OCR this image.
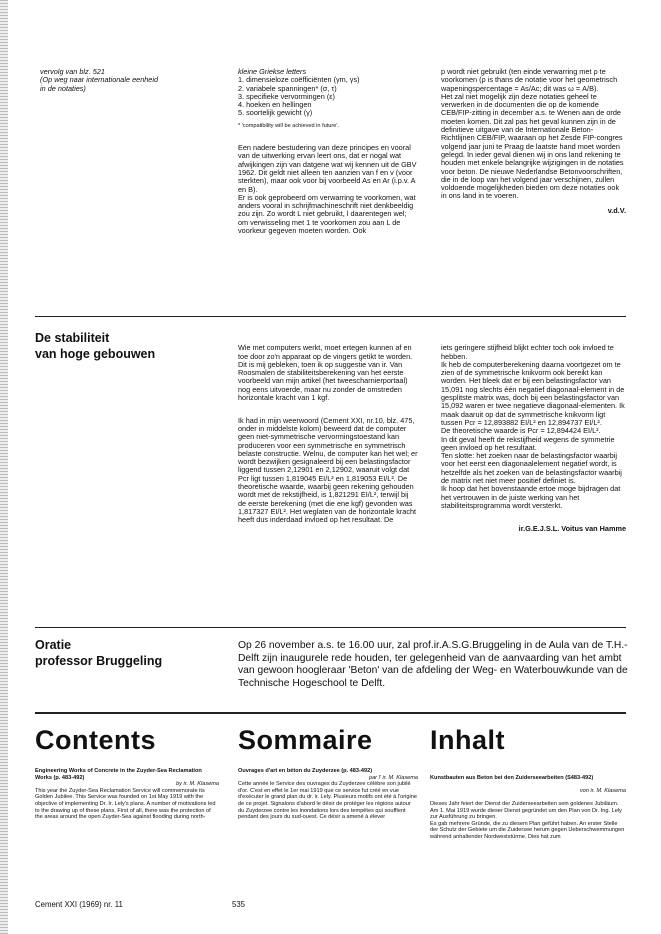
vervolg van blz. 521
(Op weg naar internationale eenheid
in de notaties)
kleine Griekse letters
1. dimensieloze coëfficiënten (γm, γs)
2. variabele spanningen* (σ, τ)
3. specifieke vervormingen (ε)
4. hoeken en hellingen
5. soortelijk gewicht (γ)
* 'compatibility will be achieved in future'.

Een nadere bestudering van deze principes en vooral van de uitwerking ervan leert ons, dat er nogal wat afwijkingen zijn van datgene wat wij kennen uit de GBV 1962. Dit geldt niet alleen ten aanzien van f en v (voor sterkten), maar ook voor bij voorbeeld As en Ar (i.p.v. A en B).

Er is ook geprobeerd om verwarring te voorkomen, wat anders vooral in schrijfmachineschrift niet denkbeeldig zou zijn. Zo wordt L niet gebruikt, l daarentegen wel; om verwisseling met 1 te voorkomen zou aan L de voorkeur gegeven moeten worden. Ook

p wordt niet gebruikt (ten einde verwarring met ρ te voorkomen (ρ is thans de notatie voor het geometrisch wapeningspercentage = As/Ac; dit was ω = A/B).

Het zal niet mogelijk zijn deze notaties geheel te verwerken in de documenten die op de komende CEB/FIP-zitting in december a.s. te Wenen aan de orde moeten komen. Dit zal pas het geval kunnen zijn in de definitieve uitgave van de Internationale Beton-Richtlijnen CEB/FIP, waaraan op het Zesde FIP-congres volgend jaar juni te Praag de laatste hand moet worden gelegd. In ieder geval dienen wij in ons land rekening te houden met enkele belangrijke wijzigingen in de notaties voor beton. De nieuwe Nederlandse Betonvoorschriften, die in de loop van het volgend jaar verschijnen, zullen voldoende mogelijkheden bieden om deze notaties ook in ons land in te voeren.

v.d.V.
De stabiliteit
van hoge gebouwen	Wie met computers werkt, moet ertegen kunnen af en toe door zo'n apparaat op de vingers getikt te worden.
Dit is mij gebleken, toen ik op suggestie van ir. Van Roosmalen de stabiliteitsberekening van het eerste voorbeeld van mijn artikel (het tweescharnierportaal) nog eens uitvoerde, maar nu zonder de omstreden horizontale kracht van 1 kgf.

Ik had in mijn weerwoord (Cement XXI, nr.10, blz. 475, onder in middelste kolom) beweerd dat de computer geen niet-symmetrische vervormingstoestand kan produceren voor een symmetrische en symmetrisch belaste constructie. Welnu, de computer kan het wel; er wordt bezwijken gesignaleerd bij een belastingsfactor liggend tussen 2,12901 en 2,12902, waaruit volgt dat Pcr ligt tussen 1,819045 EI/L² en 1,819053 EI/L². De theoretische waarde, waarbij geen rekening gehouden wordt met de rekstijfheid, is 1,821291 EI/L², terwijl bij de eerste berekening (met die ene kgf) gevonden was 1,817327 EI/L². Het weglaten van de horizontale kracht heeft dus inderdaad invloed op het resultaat. De

iets geringere stijfheid blijkt echter toch ook invloed te hebben.
Ik heb de computerberekening daarna voortgezet om te zien of de symmetrische knikvorm ook bereikt kan worden. Het bleek dat er bij een belastingsfactor van 15,091 nog slechts één negatief diagonaal-element in de gesplitste matrix was, doch bij een belastingsfactor van 15,092 waren er twee negatieve diagonaal-elementen. Ik maak daaruit op dat de symmetrische knikvorm ligt tussen Pcr = 12,893882 EI/L² en 12,894737 EI/L².
De theoretische waarde is Pcr = 12,894424 EI/L².
In dit geval heeft de rekstijfheid wegens de symmetrie geen invloed op het resultaat.
Ten slotte: het zoeken naar de belastingsfactor waarbij voor het eerst een diagonaalelement negatief wordt, is hetzelfde als het zoeken van de belastingsfactor waarbij de matrix net niet meer positief definiet is.
Ik hoop dat het bovenstaande ertoe moge bijdragen dat het vertrouwen in de juiste werking van het stabiliteitsprogramma wordt versterkt.

ir.G.E.J.S.L. Voitus van Hamme

Oratie
professor Bruggeling
Op 26 november a.s. te 16.00 uur, zal prof.ir.A.S.G.Bruggeling in de Aula van de T.H.-Delft zijn inaugurele rede houden, ter gelegenheid van de aanvaarding van het ambt van gewoon hoogleraar 'Beton' van de afdeling der Weg- en Waterbouwkunde van de Technische Hogeschool te Delft.
Contents	Sommaire Inhalt
Engineering Works of Concrete in the Zuyder-Sea Reclamation Works (p. 483-492)
by ir. M. Klasema
This year the Zuyder-Sea Reclamation Service will commemorate its Golden Jubilee. This Service was founded on 1st May 1919 with the objective of implementing Dr. Ir. Lely's plans. A number of motivations led to the drawing up of these plans. First of all, there was the protection of the areas around the open Zuyder-Sea against flooding during north-
Ouvrages d'art en béton du Zuyderzee (p. 483-492)
par l' ir. M. Klasema
Cette année le Service des ouvrages du Zuyderzee célèbre son jubilé d'or. C'est en effet le 1er mai 1919 que ce service fut créé en vue d'exécuter le grand plan du dr. ir. Lely. Plusieurs motifs ont été à l'origine de ce projet. Signalons d'abord le désir de protéger les régions autour du Zuyderzee contre les inondations lors des tempêtes qui soufflent pendant des jours du sud-ouest. Ce désir a amené à élever

Kunstbauten aus Beton bei den Zuiderseearbeiten (S483-492)

von ir. M. Klasema

Dieses Jahr feiert der Dienst der Zuiderseearbeiten sein goldenes Jubiläum. Am 1. Mai 1919 wurde dieser Dienst gegründet um den Plan von Dr. Ing. Lely zur Ausführung zu bringen.
Es gab mehrere Gründe, die zu diesem Plan geführt haben. An erster Stelle der Schutz der Gebiete um die Zuidersee herum gegen Ueberschwemmungen während anhaltender Nordweststürme. Dies hat zum

Cement XXI (1969) nr. 11	535
